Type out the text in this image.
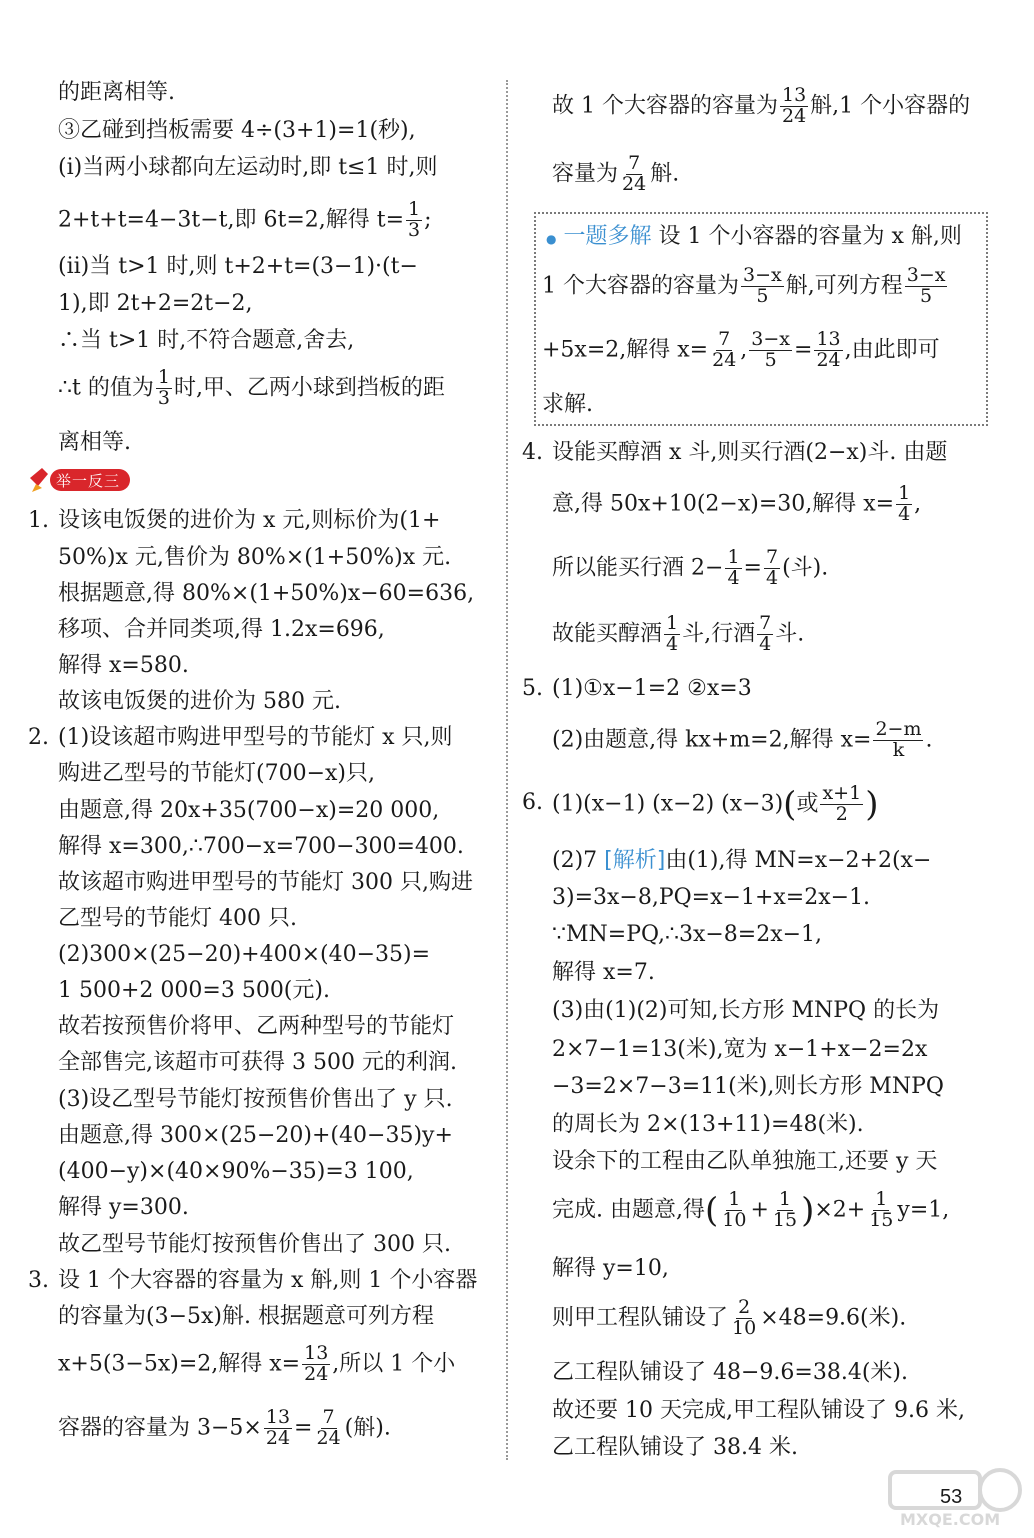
的距离相等.
③乙碰到挡板需要 4÷(3+1)=1(秒),
(ⅰ)当两小球都向左运动时,即 t≤1 时,则
2+t+t=4−3t−t,即 6t=2,解得 $t= \frac{1}{3}$ ;
(ⅱ)当 t>1 时,则 t+2+t=(3−1)·(t−
1),即 2t+2=2t−2,
∴当 t>1 时,不符合题意,舍去,
∴t 的值为 $\frac{1}{3}$ 时,甲、乙两小球到挡板的距
离相等.
1. 设该电饭煲的进价为 x 元,则标价为(1+
50%)x 元,售价为 80%×(1+50%)x 元.
根据题意,得 80%×(1+50%)x−60=636,
移项、合并同类项,得 1.2x=696,
解得 x=580.
故该电饭煲的进价为 580 元.
2. (1)设该超市购进甲型号的节能灯 x 只,则
购进乙型号的节能灯(700−x)只,
由题意,得 20x+35(700−x)=20 000,
解得 x=300,∴700−x=700−300=400.
故该超市购进甲型号的节能灯 300 只,购进
乙型号的节能灯 400 只.
(2)300×(25−20)+400×(40−35)=
1 500+2 000=3 500(元).
故若按预售价将甲、乙两种型号的节能灯
全部售完,该超市可获得 3 500 元的利润.
(3)设乙型号节能灯按预售价售出了 y 只.
由题意,得 300×(25−20)+(40−35)y+
(400−y)×(40×90%−35)=3 100,
解得 y=300.
故乙型号节能灯按预售价售出了 300 只.
3. 设 1 个大容器的容量为 x 斛,则 1 个小容器
的容量为(3−5x)斛. 根据题意可列方程
x+5(3−5x)=2,解得 $x= \frac{13}{24}$ ,所以 1 个小
容器的容量为 $3-5\times \frac{13}{24} = \frac{7}{24}$ (斛).
举一反三
故 1 个大容器的容量为 $\frac{13}{24}$ 斛,1 个小容器的
容量为 $\frac{7}{24}$ 斛.
● 一题多解 设 1 个小容器的容量为 x 斛,则
1 个大容器的容量为 $\frac{3-x}{5}$ 斛,可列方程 $\frac{3-x}{5}$
+5x=2,解得 $x= \frac{7}{24}$ , $\frac{3-x}{5} = \frac{13}{24}$ ,由此即可
求解.
4. 设能买醇酒 x 斗,则买行酒(2−x)斗. 由题
意,得 50x+10(2−x)=30,解得 $x= \frac{1}{4}$ ,
所以能买行酒 $2- \frac{1}{4} = \frac{7}{4}$ (斗).
故能买醇酒 $\frac{1}{4}$ 斗,行酒 $\frac{7}{4}$ 斗.
5. (1)①x−1=2 ②x=3
(2)由题意,得 kx+m=2,解得 $x= \frac{2-m}{k}$ .
6. (1)(x−1) (x−2) (x−3)(或 $\frac{x+1}{2}$ )
(2)7 [解析]由(1),得 MN=x−2+2(x−
3)=3x−8,PQ=x−1+x=2x−1.
∵MN=PQ,∴3x−8=2x−1,
解得 x=7.
(3)由(1)(2)可知,长方形 MNPQ 的长为
2×7−1=13(米),宽为 x−1+x−2=2x
−3=2×7−3=11(米),则长方形 MNPQ
的周长为 2×(13+11)=48(米).
设余下的工程由乙队单独施工,还要 y 天
完成. 由题意,得( $\frac{1}{10} + \frac{1}{15} )\times 2+ \frac{1}{15} y=1$,
解得 y=10,
则甲工程队铺设了 $\frac{2}{10} \times 48=9.6$(米).
乙工程队铺设了 48−9.6=38.4(米).
故还要 10 天完成,甲工程队铺设了 9.6 米,
乙工程队铺设了 38.4 米.
MXQE.COM
53
